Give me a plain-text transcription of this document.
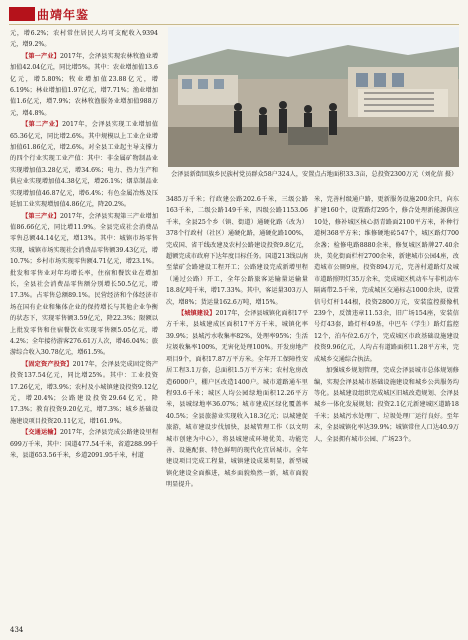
曲靖年鉴

元，增6.2%；农村常住居民人均可支配收入9394元，增9.2%。

【第一产业】2017年，会泽县实现农林牧渔业增加值42.04亿元，同比增5%。其中：农业增加值13.6亿元，增5.80%；牧业增加值23.88亿元，增6.19%；林业增加值1.97亿元，增7.71%；渔业增加值1.6亿元，增7.9%；农林牧渔服务业增加值988万元，增4.8%。

【第二产业】2017年，会泽县实现工业增加值65.36亿元，同比增2.6%。其中规模以上工业企业增加值61.86亿元，增2.6%。对全县工业起主导支撑力的四个行业实现工业产值：其中：非金属矿物制品业实现增加值3.28亿元，增34.6%；电力、热力生产和供应业实现增加值4.38亿元，增26.1%；烟草制品业实现增加值46.87亿元，增6.4%；有色金属冶炼及压延加工业实现增加值4.86亿元，降20.2%。

【第三产业】2017年，会泽县实现第三产业增加值86.66亿元，同比增11.9%。全县完成社会消费品零售总额44.14亿元，增13%。其中：城镇市场零售实现，城镇市场实现社会消费品零售额39.43亿元，增10.7%；乡村市场实现零售额4.71亿元，增23.1%。批发和零售业对年均增长率，住宿和餐饮业在增加长，全县社会消费品零售额分别增长50.5亿元，增17.3%。占零售总额89.1%。民营经济和个体经济市场在国有企业和集体企业的保持增长与其他企业争衡的状态下，实现零售额3.59亿元，降22.3%；限额以上批发零售和住宿餐饮业实现零售额5.05亿元，增4.2%；全年接待游客276.61万人次，增46.04%；旅游综合收入30.78亿元，增61.5%。

【固定资产投资】2017年，会泽县完成固定资产投资137.54亿元，同比增25%。其中：工业投资17.26亿元，增3.9%；农村及小城镇建设投资9.12亿元，增20.4%；公路建设投资29.64亿元，降17.3%；教育投资9.20亿元，增7.3%；城乡基础设施建设项目投资20.11亿元，增161.9%。

【交通运输】2017年，会泽县完成公路建设里程699万千米，其中：国道477.54千米，省道288.99千米，县道653.56千米，乡道2091.95千米，村道

会泽县新街回族乡民族村党员群众58户324人，安置点占地面积33.3亩，总投资2300万元（刘化信 摄）

3485万千米；行政建公路202.6千米，三级公路163千米，二级公路149千米，四级公路1153.06千米，全县25个乡（镇、街道）通硬化路（改为）378个行政村（社区）通硬化路，通硬化路100%，完成国、省干线改建及农村公路建设投资9.8亿元，超额完成市政府下达年度目标任务。国道213线以南至蒙矿会路建设工程开工；公路建设完成新增里程（通过公路）开工，全年公路旅客运输量运输量18.8亿吨千米，增17.33%。其中，客运量303万人次，增8%；货运量162.6万吨，增15%。

【城镇建设】2017年，会泽县城镇化面积17平方千米，县城建成区面积17平方千米，城镇化率39.9%；县城污水收集率82%，处理率95%；生活垃圾收集率100%，无害化处理100%。开发房地产项目9个，面积17.87万平方米。全年开工保障性安居工程3.1万套，总面积1.5万平方米；农村危房改造6000户，棚户区改造1400户。城市道路通车里程93.6千米；城区人均公园绿地面积12.26平方米，县城绿地率36.07%；城市建成区绿化覆盖率40.5%；全县旅游业实现收入18.3亿元；以城建促旅游，城市建设步伐加快，县城管理工作（以文明城市创建为中心），将县城建成环境优美、功能完善、设施配套、特色鲜明的现代化宜居城市。全年建设项目完成工程量，城镇建设成果明显，新型城镇化建设全面推进，城乡面貌焕然一新，城市面貌明显提升。

米，完善村级通户路，更新服务设施200余只，向东扩建160个，设置路灯295个，修合处理新能源供应10处，修补城区核心沥青路面2100平方米，补种行道树368平方米；维修硬地砖547个，城区路灯700余盏；检修电路8880余米，修复城区路牌27.40余块，美化街面栏杆2700余米，新建城市公园4座，改造城市公厕9座，投资894万元，完善村道路灯及城市道路照明灯35万余米，完成城区机动车与非机动车隔离带2.5千米，完成城区交通标志1000余块，设置信号灯杆144根，投资2800万元，安装监控摄像机239个，反馈违章11.53余，旧广场154座，安装信号灯43套，路灯杆49基，中巴车（学生）路灯监控12个，泊车位2.6万个，完成城区市政基础设施建设投资9.96亿元，人均占有道路面积11.28平方米，完成城乡交通综合执法。

加强城乡规划管理，完成会泽县城市总体规划修编，实现会泽县城市基础设施建设和城乡公共服务均等化。县城建设组织完成城区旧城改造规划、会泽县城乡一体化发展规划；投资2.1亿元新建城区道路18千米；县城污水处理厂、垃圾处理厂运行良好。至年末，全县城镇化率达39.9%；城镇常住人口达40.9万人，全县拥有城市公园、广场23个。

434
